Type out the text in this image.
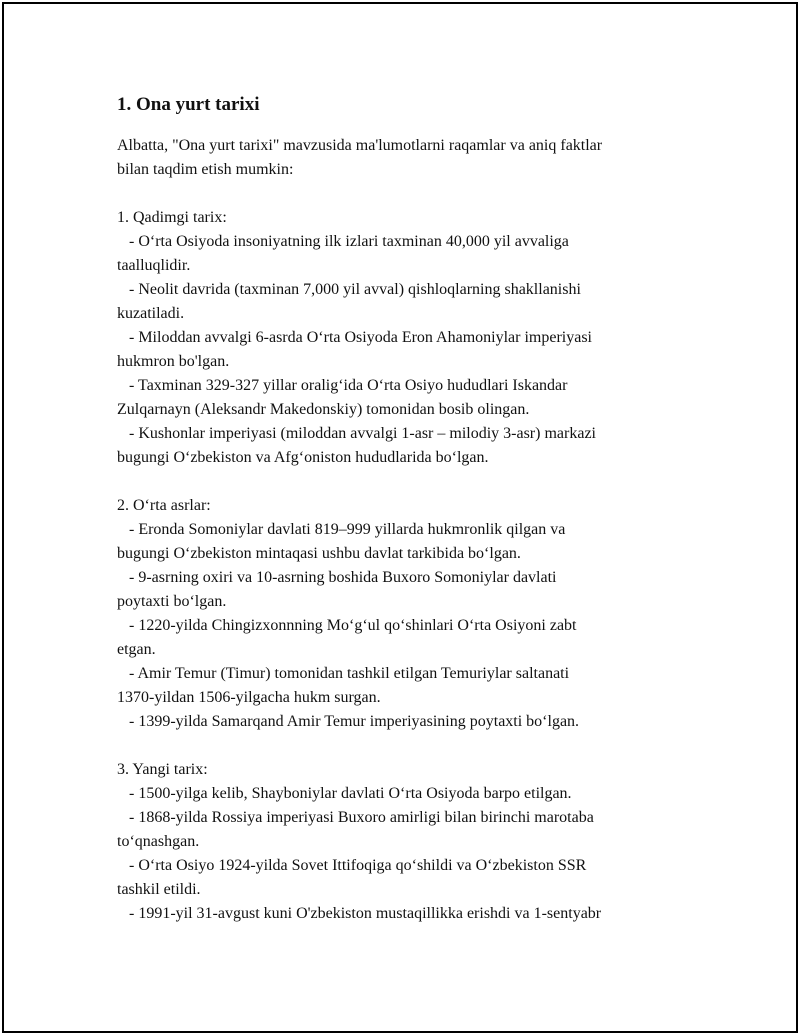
1. Ona yurt tarixi

Albatta, "Ona yurt tarixi" mavzusida ma'lumotlarni raqamlar va aniq faktlar
bilan taqdim etish mumkin:

1. Qadimgi tarix:

- O‘rta Osiyoda insoniyatning ilk izlari taxminan 40,000 yil avvaliga
taalluqlidir.

- Neolit davrida (taxminan 7,000 yil avval) qishloqlarning shakllanishi
kuzatiladi.

- Miloddan avvalgi 6-asrda O‘rta Osiyoda Eron Ahamoniylar imperiyasi
hukmron bo'lgan.

- Taxminan 329-327 yillar oralig‘ida O‘rta Osiyo hududlari Iskandar
Zulqarnayn (Aleksandr Makedonskiy) tomonidan bosib olingan.

- Kushonlar imperiyasi (miloddan avvalgi 1-asr – milodiy 3-asr) markazi
bugungi O‘zbekiston va Afg‘oniston hududlarida bo‘lgan.

2. O‘rta asrlar:

- Eronda Somoniylar davlati 819–999 yillarda hukmronlik qilgan va
bugungi O‘zbekiston mintaqasi ushbu davlat tarkibida bo‘lgan.

- 9-asrning oxiri va 10-asrning boshida Buxoro Somoniylar davlati
poytaxti bo‘lgan.

- 1220-yilda Chingizxonnning Mo‘g‘ul qo‘shinlari O‘rta Osiyoni zabt
etgan.

- Amir Temur (Timur) tomonidan tashkil etilgan Temuriylar saltanati
1370-yildan 1506-yilgacha hukm surgan.

- 1399-yilda Samarqand Amir Temur imperiyasining poytaxti bo‘lgan.

3. Yangi tarix:

- 1500-yilga kelib, Shayboniylar davlati O‘rta Osiyoda barpo etilgan.

- 1868-yilda Rossiya imperiyasi Buxoro amirligi bilan birinchi marotaba
to‘qnashgan.

- O‘rta Osiyo 1924-yilda Sovet Ittifoqiga qo‘shildi va O‘zbekiston SSR
tashkil etildi.

- 1991-yil 31-avgust kuni O'zbekiston mustaqillikka erishdi va 1-sentyabr
